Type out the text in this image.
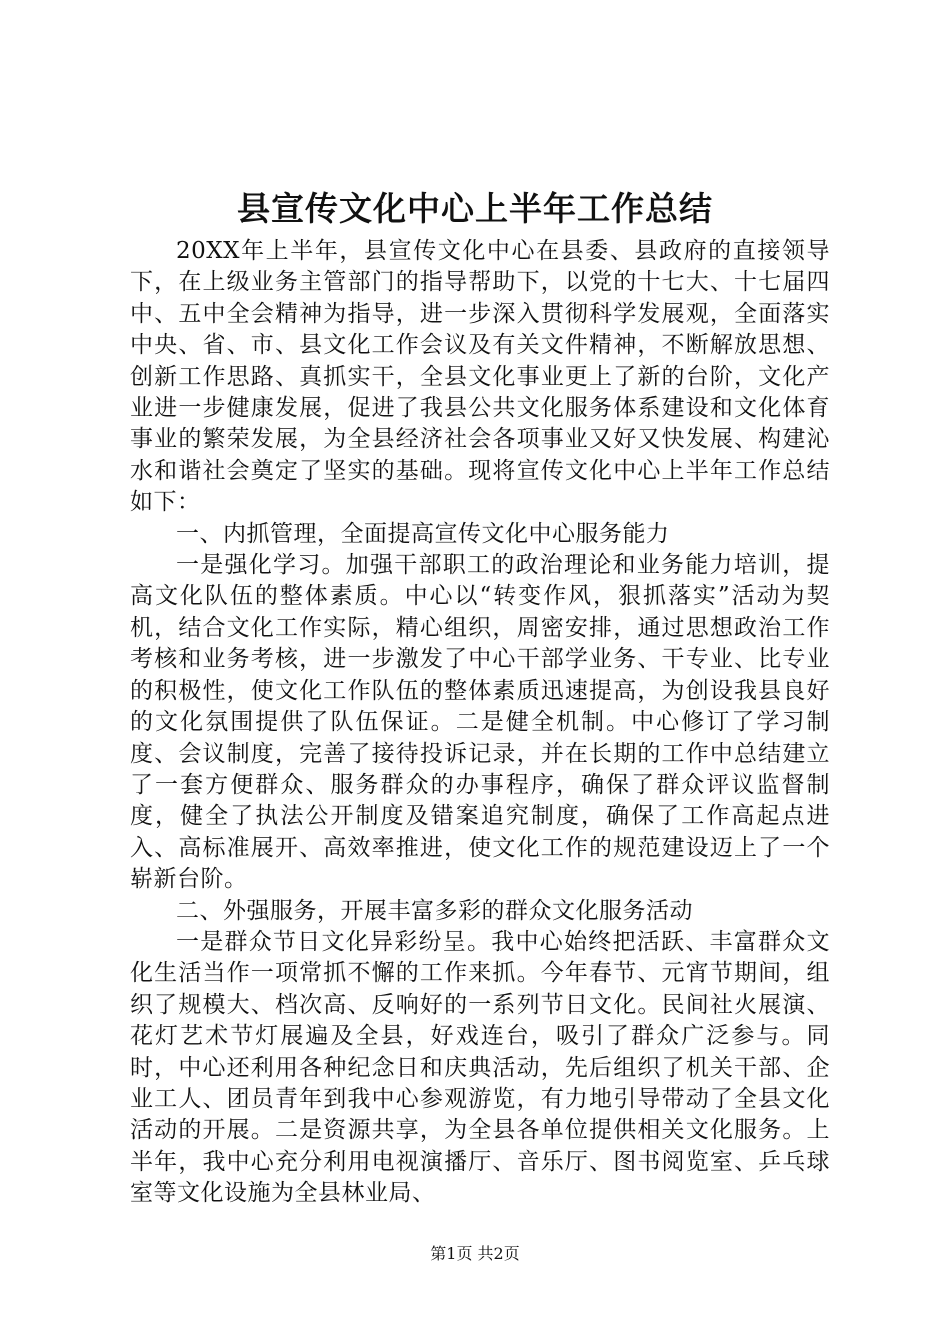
县宣传文化中心上半年工作总结

20XX年上半年，县宣传文化中心在县委、县政府的直接领导下，在上级业务主管部门的指导帮助下，以党的十七大、十七届四中、五中全会精神为指导，进一步深入贯彻科学发展观，全面落实中央、省、市、县文化工作会议及有关文件精神，不断解放思想、创新工作思路、真抓实干，全县文化事业更上了新的台阶，文化产业进一步健康发展，促进了我县公共文化服务体系建设和文化体育事业的繁荣发展，为全县经济社会各项事业又好又快发展、构建沁水和谐社会奠定了坚实的基础。现将宣传文化中心上半年工作总结如下：

一、内抓管理，全面提高宣传文化中心服务能力

一是强化学习。加强干部职工的政治理论和业务能力培训，提高文化队伍的整体素质。中心以“转变作风，狠抓落实”活动为契机，结合文化工作实际，精心组织，周密安排，通过思想政治工作考核和业务考核，进一步激发了中心干部学业务、干专业、比专业的积极性，使文化工作队伍的整体素质迅速提高，为创设我县良好的文化氛围提供了队伍保证。二是健全机制。中心修订了学习制度、会议制度，完善了接待投诉记录，并在长期的工作中总结建立了一套方便群众、服务群众的办事程序，确保了群众评议监督制度，健全了执法公开制度及错案追究制度，确保了工作高起点进入、高标准展开、高效率推进，使文化工作的规范建设迈上了一个崭新台阶。

二、外强服务，开展丰富多彩的群众文化服务活动

一是群众节日文化异彩纷呈。我中心始终把活跃、丰富群众文化生活当作一项常抓不懈的工作来抓。今年春节、元宵节期间，组织了规模大、档次高、反响好的一系列节日文化。民间社火展演、花灯艺术节灯展遍及全县，好戏连台，吸引了群众广泛参与。同时，中心还利用各种纪念日和庆典活动，先后组织了机关干部、企业工人、团员青年到我中心参观游览，有力地引导带动了全县文化活动的开展。二是资源共享，为全县各单位提供相关文化服务。上半年，我中心充分利用电视演播厅、音乐厅、图书阅览室、乒乓球室等文化设施为全县林业局、

第1页 共2页
